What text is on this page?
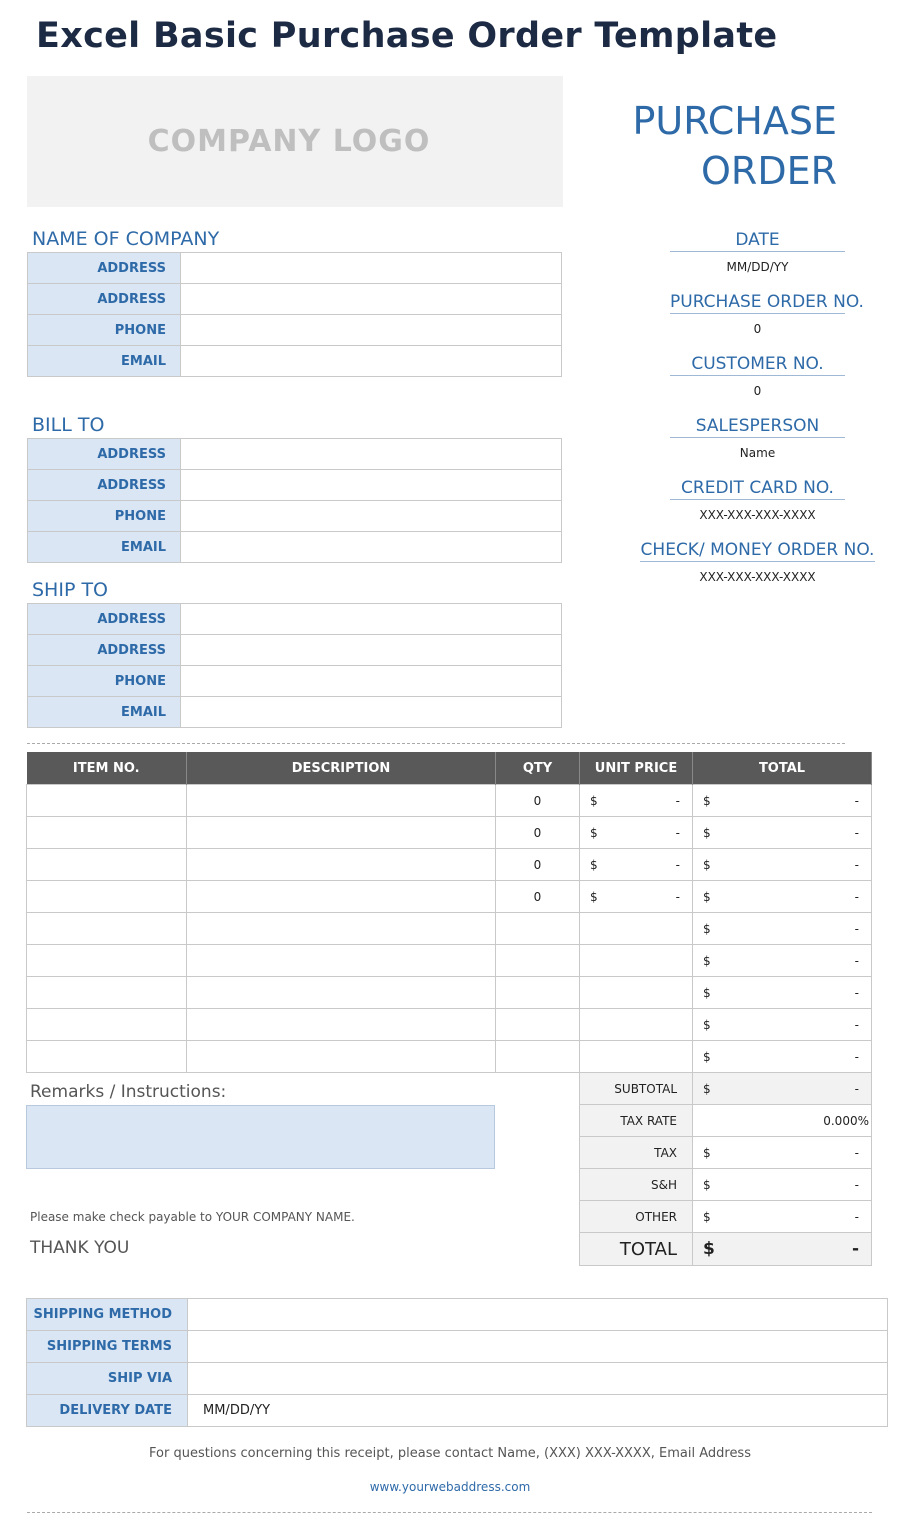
Excel Basic Purchase Order Template
COMPANY LOGO	PURCHASE
ORDER
NAME OF COMPANY
ADDRESS	
ADDRESS	
PHONE	
EMAIL	
BILL TO
ADDRESS	
ADDRESS	
PHONE	
EMAIL	
SHIP TO
ADDRESS	
ADDRESS	
PHONE	
EMAIL	
DATE
MM/DD/YY
PURCHASE ORDER NO.
0
CUSTOMER NO.
0
SALESPERSON
Name
CREDIT CARD NO.
XXX-XXX-XXX-XXXX
CHECK/ MONEY ORDER NO.
XXX-XXX-XXX-XXXX
ITEM NO.	DESCRIPTION	QTY	UNIT PRICE	TOTAL
		0	$ -	$ -

		0	$ -	$ -

		0	$ -	$ -

		0	$ -	$ -

				$ -

				$ -

				$ -

				$ -

				$ -

			SUBTOTAL	$ -

			TAX RATE	0.000%
			TAX	$ -

			S&H	$ -

			OTHER	$ -

			TOTAL	$ -
Remarks / Instructions:
Please make check payable to YOUR COMPANY NAME.
THANK YOU
SHIPPING METHOD	
SHIPPING TERMS	
SHIP VIA	
DELIVERY DATE	MM/DD/YY
For questions concerning this receipt, please contact Name, (XXX) XXX-XXXX, Email Address
www.yourwebaddress.com
